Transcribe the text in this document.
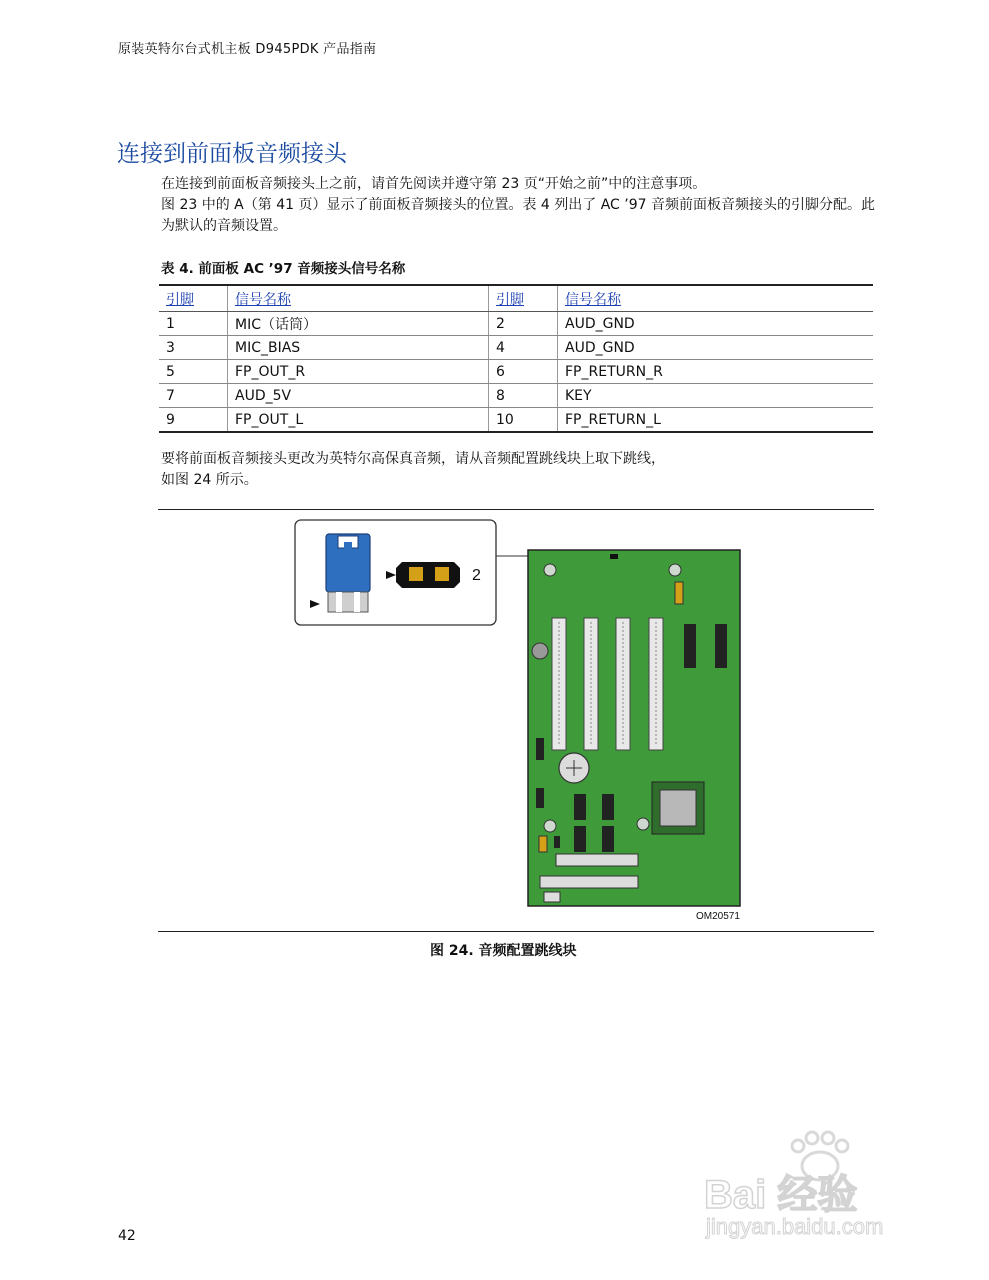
原装英特尔台式机主板 D945PDK 产品指南
连接到前面板音频接头
在连接到前面板音频接头上之前，请首先阅读并遵守第 23 页“开始之前”中的注意事项。
图 23 中的 A（第 41 页）显示了前面板音频接头的位置。表 4 列出了 AC ’97 音频前面板音频接头的引脚分配。此为默认的音频设置。
表 4. 前面板 AC ’97 音频接头信号名称
引脚	信号名称	引脚	信号名称
1	MIC（话筒）	2	AUD_GND
3	MIC_BIAS	4	AUD_GND
5	FP_OUT_R	6	FP_RETURN_R
7	AUD_5V	8	KEY
9	FP_OUT_L	10	FP_RETURN_L
要将前面板音频接头更改为英特尔高保真音频，请从音频配置跳线块上取下跳线，
如图 24 所示。
2
OM20571
图 24. 音频配置跳线块
42
Bai 经验
jingyan.baidu.com
